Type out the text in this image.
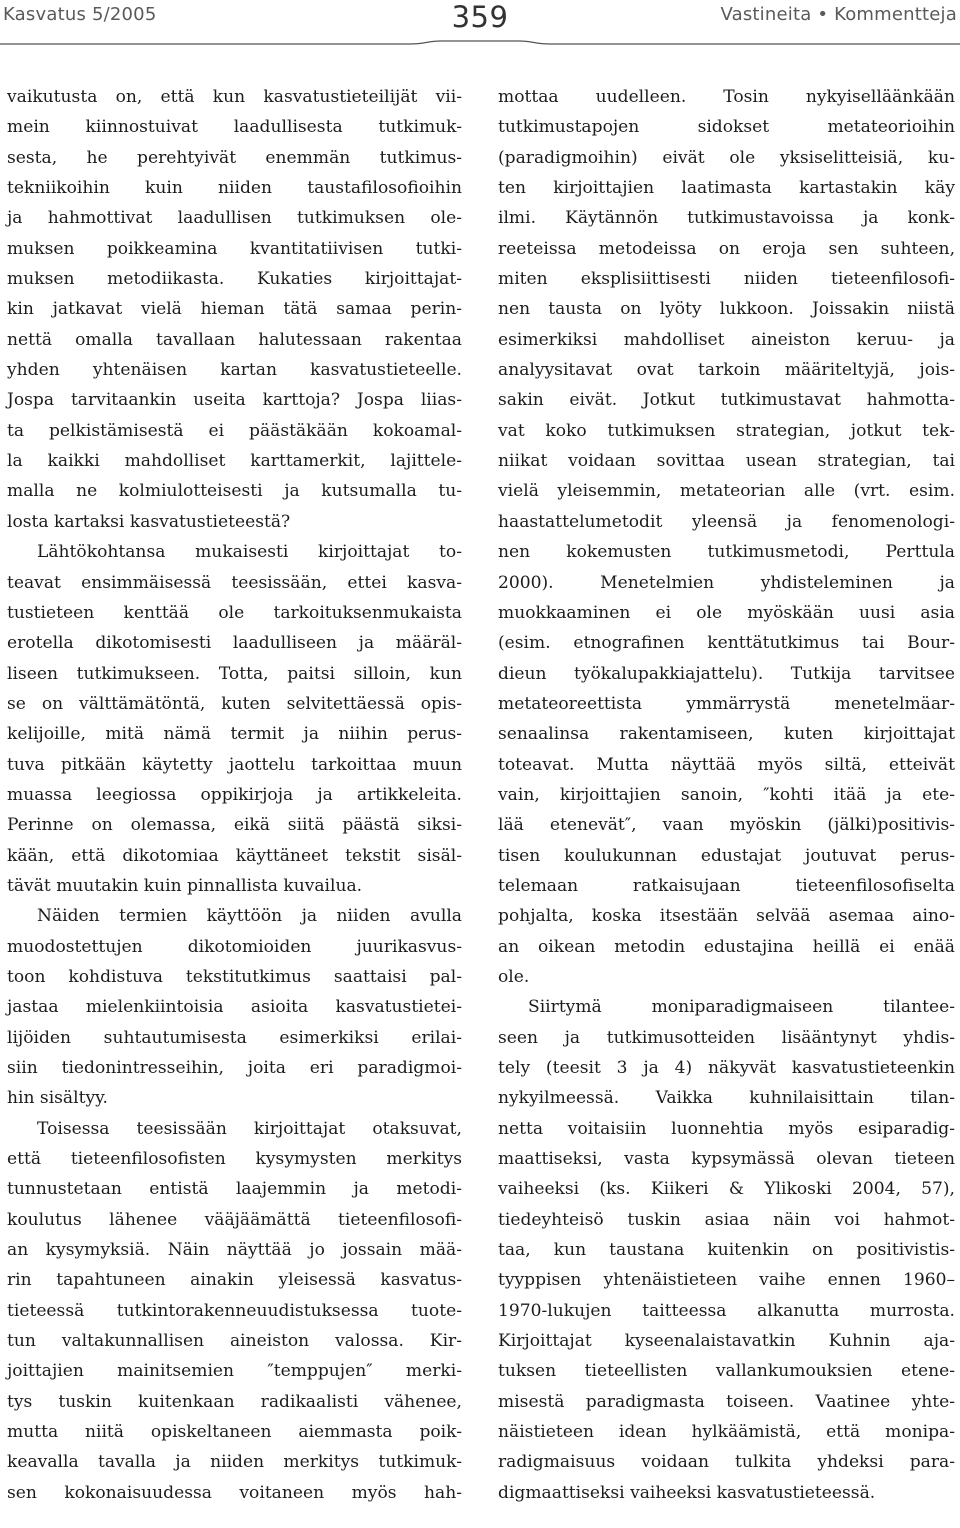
Kasvatus 5/2005	359	Vastineita • Kommentteja
vaikutusta on, että kun kasvatustieteilijät vii-
mein kiinnostuivat laadullisesta tutkimuk-
sesta, he perehtyivät enemmän tutkimus-
tekniikoihin kuin niiden taustafilosofioihin
ja hahmottivat laadullisen tutkimuksen ole-
muksen poikkeamina kvantitatiivisen tutki-
muksen metodiikasta. Kukaties kirjoittajat-
kin jatkavat vielä hieman tätä samaa perin-
nettä omalla tavallaan halutessaan rakentaa
yhden yhtenäisen kartan kasvatustieteelle.
Jospa tarvitaankin useita karttoja? Jospa liias-
ta pelkistämisestä ei päästäkään kokoamal-
la kaikki mahdolliset karttamerkit, lajittele-
malla ne kolmiulotteisesti ja kutsumalla tu-
losta kartaksi kasvatustieteestä?
Lähtökohtansa mukaisesti kirjoittajat to-
teavat ensimmäisessä teesissään, ettei kasva-
tustieteen kenttää ole tarkoituksenmukaista
erotella dikotomisesti laadulliseen ja määräl-
liseen tutkimukseen. Totta, paitsi silloin, kun
se on välttämätöntä, kuten selvitettäessä opis-
kelijoille, mitä nämä termit ja niihin perus-
tuva pitkään käytetty jaottelu tarkoittaa muun
muassa leegiossa oppikirjoja ja artikkeleita.
Perinne on olemassa, eikä siitä päästä siksi-
kään, että dikotomiaa käyttäneet tekstit sisäl-
tävät muutakin kuin pinnallista kuvailua.
Näiden termien käyttöön ja niiden avulla
muodostettujen dikotomioiden juurikasvus-
toon kohdistuva tekstitutkimus saattaisi pal-
jastaa mielenkiintoisia asioita kasvatustietei-
lijöiden suhtautumisesta esimerkiksi erilai-
siin tiedonintresseihin, joita eri paradigmoi-
hin sisältyy.
Toisessa teesissään kirjoittajat otaksuvat,
että tieteenfilosofisten kysymysten merkitys
tunnustetaan entistä laajemmin ja metodi-
koulutus lähenee vääjäämättä tieteenfilosofi-
an kysymyksiä. Näin näyttää jo jossain mää-
rin tapahtuneen ainakin yleisessä kasvatus-
tieteessä tutkintorakenneuudistuksessa tuote-
tun valtakunnallisen aineiston valossa. Kir-
joittajien mainitsemien ″temppujen″ merki-
tys tuskin kuitenkaan radikaalisti vähenee,
mutta niitä opiskeltaneen aiemmasta poik-
keavalla tavalla ja niiden merkitys tutkimuk-
sen kokonaisuudessa voitaneen myös hah-
mottaa uudelleen. Tosin nykyiselläänkään
tutkimustapojen sidokset metateorioihin
(paradigmoihin) eivät ole yksiselitteisiä, ku-
ten kirjoittajien laatimasta kartastakin käy
ilmi. Käytännön tutkimustavoissa ja konk-
reeteissa metodeissa on eroja sen suhteen,
miten eksplisiittisesti niiden tieteenfilosofi-
nen tausta on lyöty lukkoon. Joissakin niistä
esimerkiksi mahdolliset aineiston keruu- ja
analyysitavat ovat tarkoin määriteltyjä, jois-
sakin eivät. Jotkut tutkimustavat hahmotta-
vat koko tutkimuksen strategian, jotkut tek-
niikat voidaan sovittaa usean strategian, tai
vielä yleisemmin, metateorian alle (vrt. esim.
haastattelumetodit yleensä ja fenomenologi-
nen kokemusten tutkimusmetodi, Perttula
2000). Menetelmien yhdisteleminen ja
muokkaaminen ei ole myöskään uusi asia
(esim. etnografinen kenttätutkimus tai Bour-
dieun työkalupakkiajattelu). Tutkija tarvitsee
metateoreettista ymmärrystä menetelmäar-
senaalinsa rakentamiseen, kuten kirjoittajat
toteavat. Mutta näyttää myös siltä, etteivät
vain, kirjoittajien sanoin, ″kohti itää ja ete-
lää etenevät″, vaan myöskin (jälki)positivis-
tisen koulukunnan edustajat joutuvat perus-
telemaan ratkaisujaan tieteenfilosofiselta
pohjalta, koska itsestään selvää asemaa aino-
an oikean metodin edustajina heillä ei enää
ole.
Siirtymä moniparadigmaiseen tilantee-
seen ja tutkimusotteiden lisääntynyt yhdis-
tely (teesit 3 ja 4) näkyvät kasvatustieteenkin
nykyilmeessä. Vaikka kuhnilaisittain tilan-
netta voitaisiin luonnehtia myös esiparadig-
maattiseksi, vasta kypsymässä olevan tieteen
vaiheeksi (ks. Kiikeri & Ylikoski 2004, 57),
tiedeyhteisö tuskin asiaa näin voi hahmot-
taa, kun taustana kuitenkin on positivistis-
tyyppisen yhtenäistieteen vaihe ennen 1960–
1970-lukujen taitteessa alkanutta murrosta.
Kirjoittajat kyseenalaistavatkin Kuhnin aja-
tuksen tieteellisten vallankumouksien etene-
misestä paradigmasta toiseen. Vaatinee yhte-
näistieteen idean hylkäämistä, että monipa-
radigmaisuus voidaan tulkita yhdeksi para-
digmaattiseksi vaiheeksi kasvatustieteessä.
